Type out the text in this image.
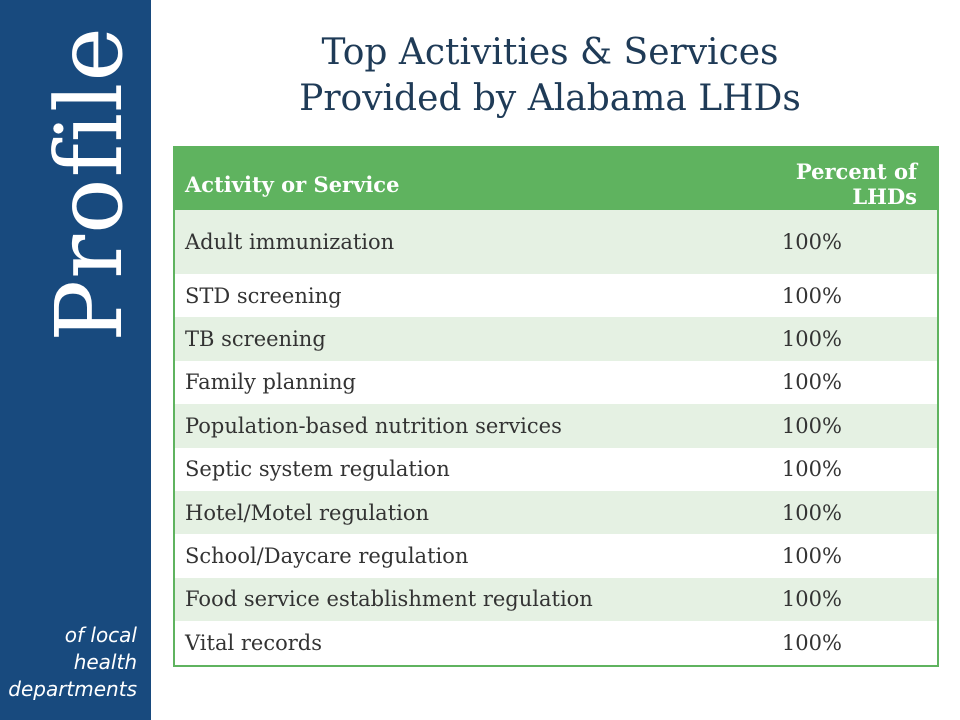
Profile
of local
health
departments
Top Activities & Services
Provided by Alabama LHDs
Activity or Service	Percent of LHDs
Adult immunization	100%
STD screening	100%
TB screening	100%
Family planning	100%
Population-based nutrition services	100%
Septic system regulation	100%
Hotel/Motel regulation	100%
School/Daycare regulation	100%
Food service establishment regulation	100%
Vital records	100%
